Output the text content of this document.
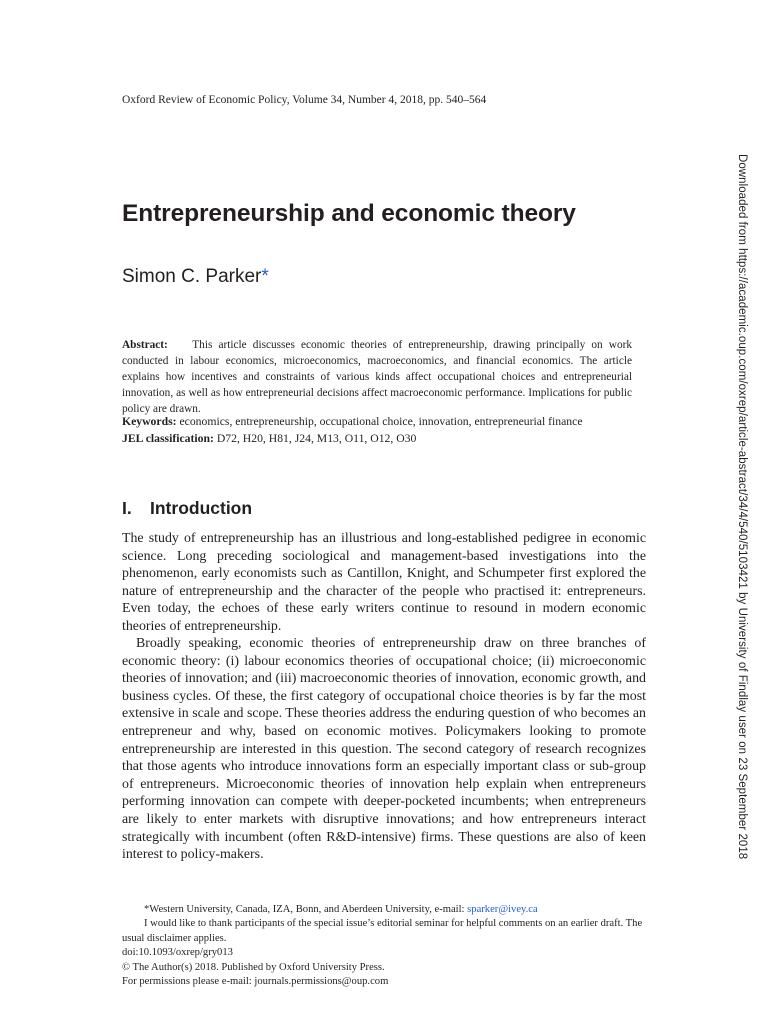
Oxford Review of Economic Policy, Volume 34, Number 4, 2018, pp. 540–564
Entrepreneurship and economic theory
Simon C. Parker*
Abstract: This article discusses economic theories of entrepreneurship, drawing principally on work conducted in labour economics, microeconomics, macroeconomics, and financial economics. The article explains how incentives and constraints of various kinds affect occupational choices and entrepreneurial innovation, as well as how entrepreneurial decisions affect macroeconomic performance. Implications for public policy are drawn.
Keywords: economics, entrepreneurship, occupational choice, innovation, entrepreneurial finance
JEL classification: D72, H20, H81, J24, M13, O11, O12, O30
I. Introduction

The study of entrepreneurship has an illustrious and long-established pedigree in economic science. Long preceding sociological and management-based investigations into the phenomenon, early economists such as Cantillon, Knight, and Schumpeter first explored the nature of entrepreneurship and the character of the people who practised it: entrepreneurs. Even today, the echoes of these early writers continue to resound in modern economic theories of entrepreneurship.

Broadly speaking, economic theories of entrepreneurship draw on three branches of economic theory: (i) labour economics theories of occupational choice; (ii) microeconomic theories of innovation; and (iii) macroeconomic theories of innovation, economic growth, and business cycles. Of these, the first category of occupational choice theories is by far the most extensive in scale and scope. These theories address the enduring question of who becomes an entrepreneur and why, based on economic motives. Policymakers looking to promote entrepreneurship are interested in this question. The second category of research recognizes that those agents who introduce innovations form an especially important class or sub-group of entrepreneurs. Microeconomic theories of innovation help explain when entrepreneurs performing innovation can compete with deeper-pocketed incumbents; when entrepreneurs are likely to enter markets with disruptive innovations; and how entrepreneurs interact strategically with incumbent (often R&D-intensive) firms. These questions are also of keen interest to policy-makers.

*Western University, Canada, IZA, Bonn, and Aberdeen University, e-mail: sparker@ivey.ca

I would like to thank participants of the special issue’s editorial seminar for helpful comments on an earlier draft. The usual disclaimer applies.

doi:10.1093/oxrep/gry013

© The Author(s) 2018. Published by Oxford University Press.

For permissions please e-mail: journals.permissions@oup.com

Downloaded from https://academic.oup.com/oxrep/article-abstract/34/4/540/5103421 by University of Findlay user on 23 September 2018
